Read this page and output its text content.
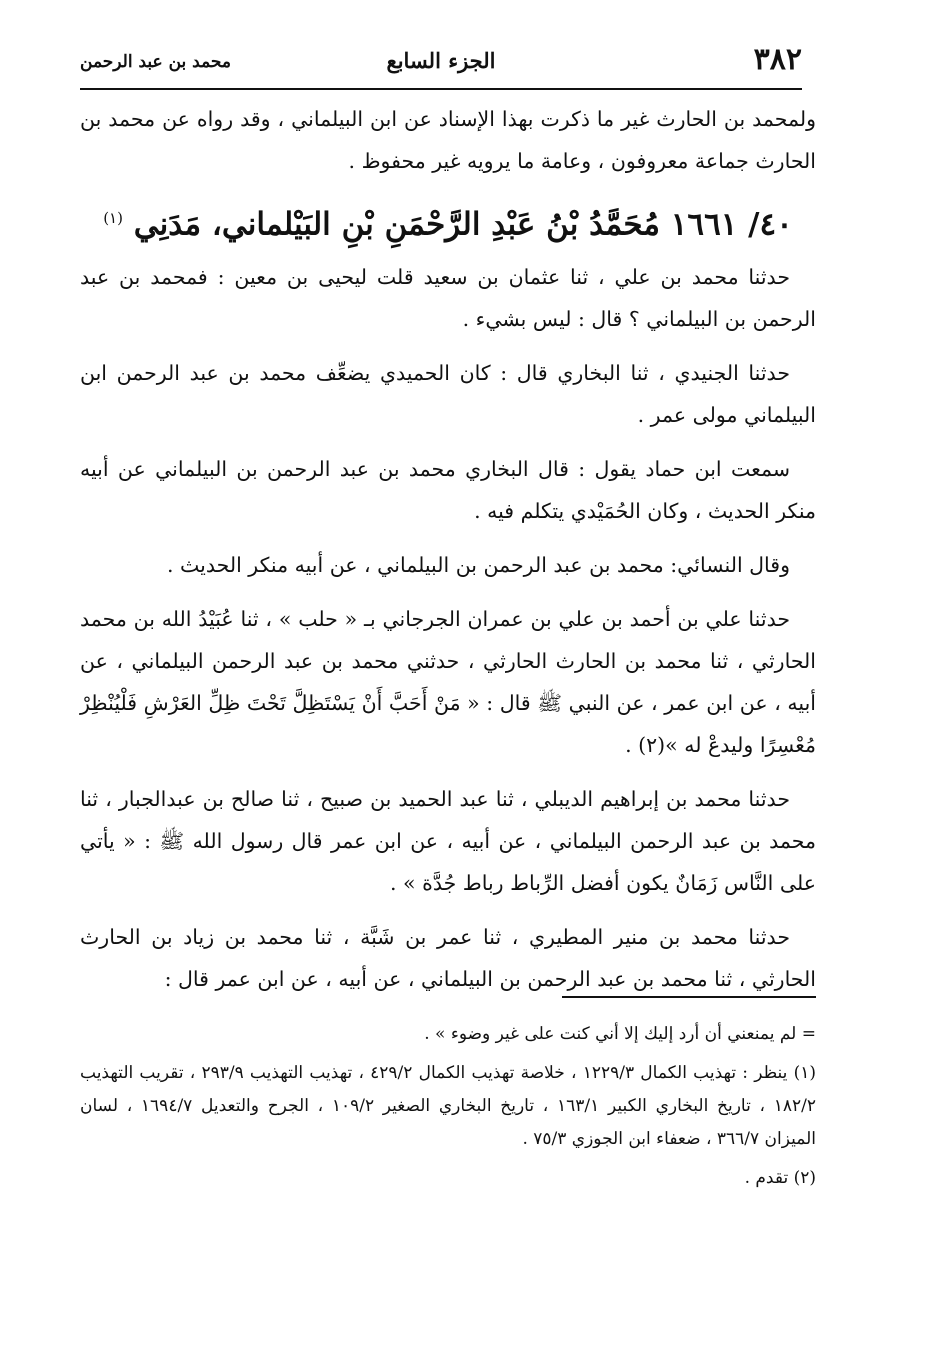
٣٨٢
الجزء السابع
محمد بن عبد الرحمن

ولمحمد بن الحارث غير ما ذكرت بهذا الإسناد عن ابن البيلماني ، وقد رواه عن محمد بن الحارث جماعة معروفون ، وعامة ما يرويه غير محفوظ .

٤٠/ ١٦٦١ مُحَمَّدُ بْنُ عَبْدِ الرَّحْمَنِ بْنِ البَيْلماني، مَدَنِي $^{(١)}$

حدثنا محمد بن علي ، ثنا عثمان بن سعيد قلت ليحيى بن معين : فمحمد بن عبد الرحمن بن البيلماني ؟ قال : ليس بشيء .

حدثنا الجنيدي ، ثنا البخاري قال : كان الحميدي يضعِّف محمد بن عبد الرحمن ابن البيلماني مولى عمر .

سمعت ابن حماد يقول : قال البخاري محمد بن عبد الرحمن بن البيلماني عن أبيه منكر الحديث ، وكان الحُمَيْدي يتكلم فيه .

وقال النسائي: محمد بن عبد الرحمن بن البيلماني ، عن أبيه منكر الحديث .

حدثنا علي بن أحمد بن علي بن عمران الجرجاني بـ « حلب » ، ثنا عُبَيْدُ الله بن محمد الحارثي ، ثنا محمد بن الحارث الحارثي ، حدثني محمد بن عبد الرحمن البيلماني ، عن أبيه ، عن ابن عمر ، عن النبي ﷺ قال : « مَنْ أَحَبَّ أَنْ يَسْتَظِلَّ تَحْتَ ظِلِّ العَرْشِ فَلْيُنْظِرْ مُعْسِرًا وليدعْ له »(٢) .

حدثنا محمد بن إبراهيم الديبلي ، ثنا عبد الحميد بن صبيح ، ثنا صالح بن عبدالجبار ، ثنا محمد بن عبد الرحمن البيلماني ، عن أبيه ، عن ابن عمر قال رسول الله ﷺ : « يأتي على النَّاس زَمَانٌ يكون أفضل الرِّباط رباط جُدَّة » .

حدثنا محمد بن منير المطيري ، ثنا عمر بن شَبَّة ، ثنا محمد بن زياد بن الحارث الحارثي ، ثنا محمد بن عبد الرحمن بن البيلماني ، عن أبيه ، عن ابن عمر قال :

= لم يمنعني أن أرد إليك إلا أني كنت على غير وضوء » .

(١) ينظر : تهذيب الكمال ١٢٢٩/٣ ، خلاصة تهذيب الكمال ٤٢٩/٢ ، تهذيب التهذيب ٢٩٣/٩ ، تقريب التهذيب ١٨٢/٢ ، تاريخ البخاري الكبير ١٦٣/١ ، تاريخ البخاري الصغير ١٠٩/٢ ، الجرح والتعديل ١٦٩٤/٧ ، لسان الميزان ٣٦٦/٧ ، ضعفاء ابن الجوزي ٧٥/٣ .

(٢) تقدم .
